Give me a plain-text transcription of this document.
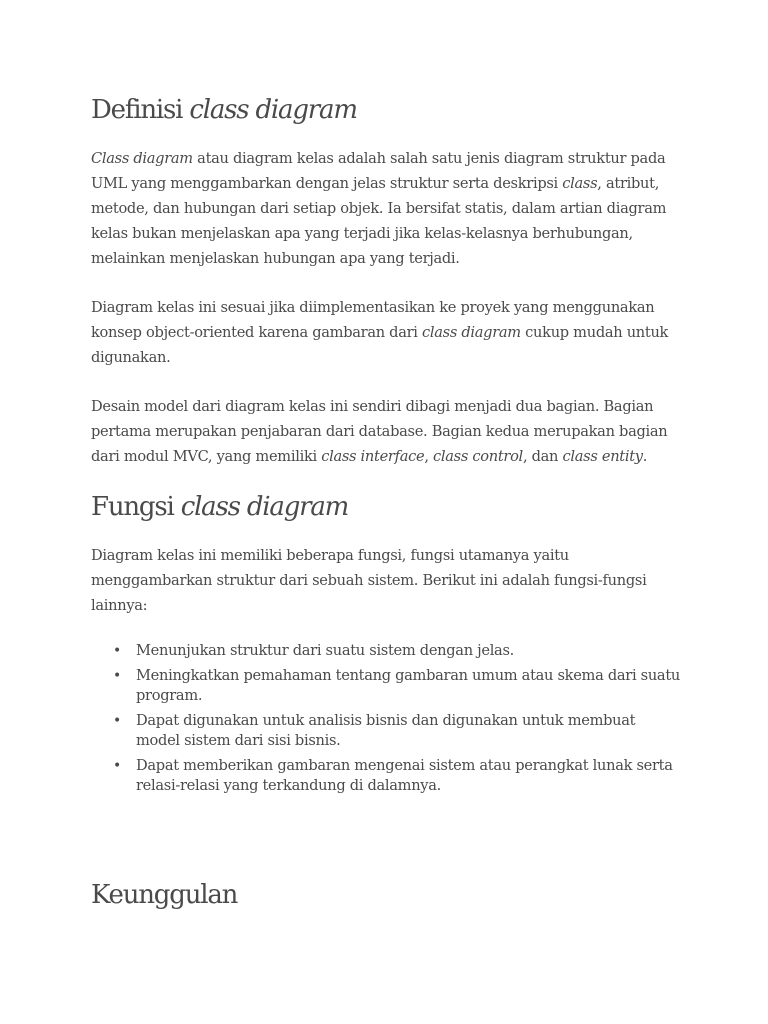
Definisi class diagram

Class diagram atau diagram kelas adalah salah satu jenis diagram struktur pada UML yang menggambarkan dengan jelas struktur serta deskripsi class, atribut, metode, dan hubungan dari setiap objek. Ia bersifat statis, dalam artian diagram kelas bukan menjelaskan apa yang terjadi jika kelas-kelasnya berhubungan, melainkan menjelaskan hubungan apa yang terjadi.

Diagram kelas ini sesuai jika diimplementasikan ke proyek yang menggunakan konsep object-oriented karena gambaran dari class diagram cukup mudah untuk digunakan.

Desain model dari diagram kelas ini sendiri dibagi menjadi dua bagian. Bagian pertama merupakan penjabaran dari database. Bagian kedua merupakan bagian dari modul MVC, yang memiliki class interface, class control, dan class entity.

Fungsi class diagram

Diagram kelas ini memiliki beberapa fungsi, fungsi utamanya yaitu menggambarkan struktur dari sebuah sistem. Berikut ini adalah fungsi-fungsi lainnya:

• Menunjukan struktur dari suatu sistem dengan jelas.
• Meningkatkan pemahaman tentang gambaran umum atau skema dari suatu program.
• Dapat digunakan untuk analisis bisnis dan digunakan untuk membuat model sistem dari sisi bisnis.
• Dapat memberikan gambaran mengenai sistem atau perangkat lunak serta relasi-relasi yang terkandung di dalamnya.
Keunggulan
